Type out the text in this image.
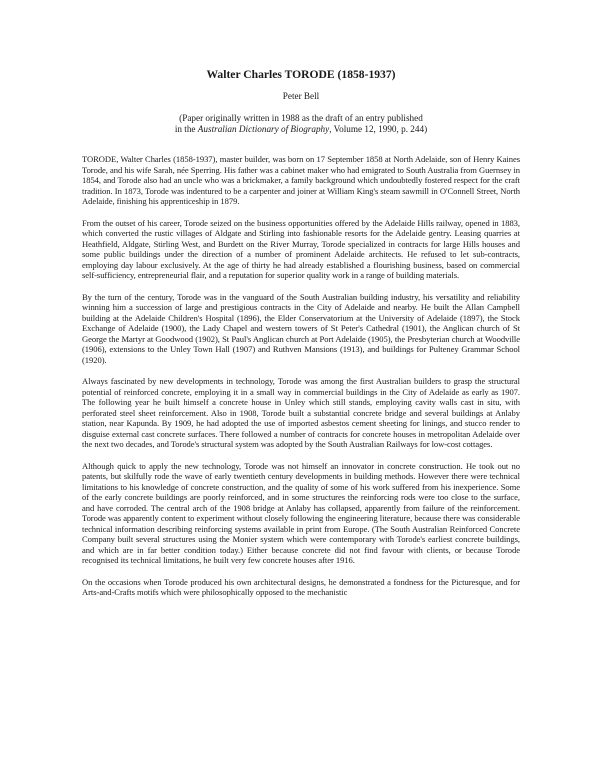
Walter Charles TORODE (1858-1937)
Peter Bell
(Paper originally written in 1988 as the draft of an entry published
in the Australian Dictionary of Biography, Volume 12, 1990, p. 244)

TORODE, Walter Charles (1858-1937), master builder, was born on 17 September 1858 at North Adelaide, son of Henry Kaines Torode, and his wife Sarah, née Sperring. His father was a cabinet maker who had emigrated to South Australia from Guernsey in 1854, and Torode also had an uncle who was a brickmaker, a family background which undoubtedly fostered respect for the craft tradition. In 1873, Torode was indentured to be a carpenter and joiner at William King's steam sawmill in O'Connell Street, North Adelaide, finishing his apprenticeship in 1879.

From the outset of his career, Torode seized on the business opportunities offered by the Adelaide Hills railway, opened in 1883, which converted the rustic villages of Aldgate and Stirling into fashionable resorts for the Adelaide gentry. Leasing quarries at Heathfield, Aldgate, Stirling West, and Burdett on the River Murray, Torode specialized in contracts for large Hills houses and some public buildings under the direction of a number of prominent Adelaide architects. He refused to let sub-contracts, employing day labour exclusively. At the age of thirty he had already established a flourishing business, based on commercial self-sufficiency, entrepreneurial flair, and a reputation for superior quality work in a range of building materials.

By the turn of the century, Torode was in the vanguard of the South Australian building industry, his versatility and reliability winning him a succession of large and prestigious contracts in the City of Adelaide and nearby. He built the Allan Campbell building at the Adelaide Children's Hospital (1896), the Elder Conservatorium at the University of Adelaide (1897), the Stock Exchange of Adelaide (1900), the Lady Chapel and western towers of St Peter's Cathedral (1901), the Anglican church of St George the Martyr at Goodwood (1902), St Paul's Anglican church at Port Adelaide (1905), the Presbyterian church at Woodville (1906), extensions to the Unley Town Hall (1907) and Ruthven Mansions (1913), and buildings for Pulteney Grammar School (1920).

Always fascinated by new developments in technology, Torode was among the first Australian builders to grasp the structural potential of reinforced concrete, employing it in a small way in commercial buildings in the City of Adelaide as early as 1907. The following year he built himself a concrete house in Unley which still stands, employing cavity walls cast in situ, with perforated steel sheet reinforcement. Also in 1908, Torode built a substantial concrete bridge and several buildings at Anlaby station, near Kapunda. By 1909, he had adopted the use of imported asbestos cement sheeting for linings, and stucco render to disguise external cast concrete surfaces. There followed a number of contracts for concrete houses in metropolitan Adelaide over the next two decades, and Torode's structural system was adopted by the South Australian Railways for low-cost cottages.

Although quick to apply the new technology, Torode was not himself an innovator in concrete construction. He took out no patents, but skilfully rode the wave of early twentieth century developments in building methods. However there were technical limitations to his knowledge of concrete construction, and the quality of some of his work suffered from his inexperience. Some of the early concrete buildings are poorly reinforced, and in some structures the reinforcing rods were too close to the surface, and have corroded. The central arch of the 1908 bridge at Anlaby has collapsed, apparently from failure of the reinforcement. Torode was apparently content to experiment without closely following the engineering literature, because there was considerable technical information describing reinforcing systems available in print from Europe. (The South Australian Reinforced Concrete Company built several structures using the Monier system which were contemporary with Torode's earliest concrete buildings, and which are in far better condition today.) Either because concrete did not find favour with clients, or because Torode recognised its technical limitations, he built very few concrete houses after 1916.

On the occasions when Torode produced his own architectural designs, he demonstrated a fondness for the Picturesque, and for Arts-and-Crafts motifs which were philosophically opposed to the mechanistic
